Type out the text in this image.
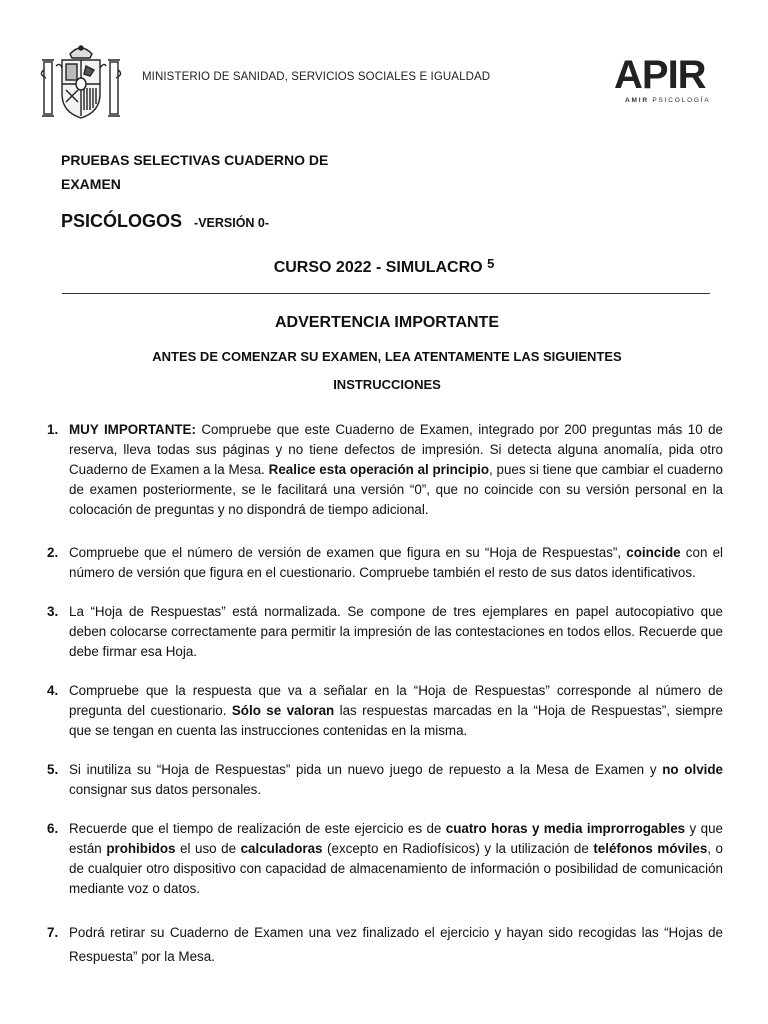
MINISTERIO DE SANIDAD, SERVICIOS SOCIALES E IGUALDAD	APIR
AMIR PSICOLOGÍA
PRUEBAS SELECTIVAS CUADERNO DE
EXAMEN
PSICÓLOGOS -VERSIÓN 0-
CURSO 2022 - SIMULACRO $^5$
ADVERTENCIA IMPORTANTE
ANTES DE COMENZAR SU EXAMEN, LEA ATENTAMENTE LAS SIGUIENTES
INSTRUCCIONES
1. MUY IMPORTANTE: Compruebe que este Cuaderno de Examen, integrado por 200 preguntas más 10 de reserva, lleva todas sus páginas y no tiene defectos de impresión. Si detecta alguna anomalía, pida otro Cuaderno de Examen a la Mesa. Realice esta operación al principio, pues si tiene que cambiar el cuaderno de examen posteriormente, se le facilitará una versión “0”, que no coincide con su versión personal en la colocación de preguntas y no dispondrá de tiempo adicional.
2. Compruebe que el número de versión de examen que figura en su “Hoja de Respuestas”, coincide con el número de versión que figura en el cuestionario. Compruebe también el resto de sus datos identificativos.
3. La “Hoja de Respuestas” está normalizada. Se compone de tres ejemplares en papel autocopiativo que deben colocarse correctamente para permitir la impresión de las contestaciones en todos ellos. Recuerde que debe firmar esa Hoja.
4. Compruebe que la respuesta que va a señalar en la “Hoja de Respuestas” corresponde al número de pregunta del cuestionario. Sólo se valoran las respuestas marcadas en la “Hoja de Respuestas”, siempre que se tengan en cuenta las instrucciones contenidas en la misma.
5. Si inutiliza su “Hoja de Respuestas” pida un nuevo juego de repuesto a la Mesa de Examen y no olvide consignar sus datos personales.
6. Recuerde que el tiempo de realización de este ejercicio es de cuatro horas y media improrrogables y que están prohibidos el uso de calculadoras (excepto en Radiofísicos) y la utilización de teléfonos móviles, o de cualquier otro dispositivo con capacidad de almacenamiento de información o posibilidad de comunicación mediante voz o datos.
7. Podrá retirar su Cuaderno de Examen una vez finalizado el ejercicio y hayan sido recogidas las “Hojas de Respuesta” por la Mesa.
